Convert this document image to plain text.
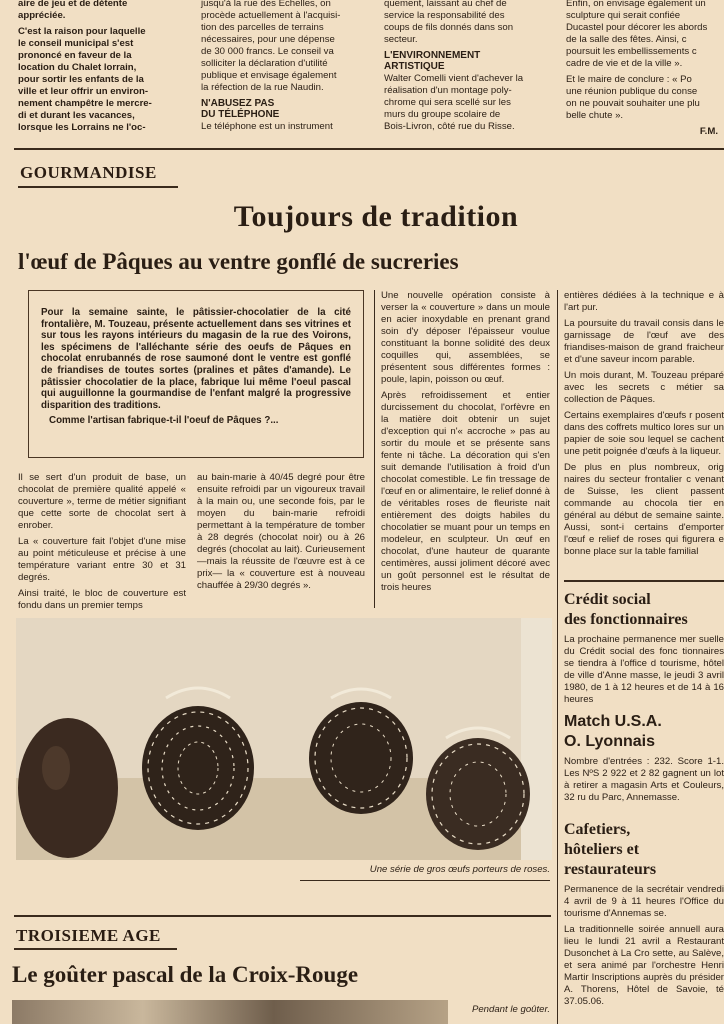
aire de jeu et de détente
appréciée.

C'est la raison pour laquelle
le conseil municipal s'est
prononcé en faveur de la
location du Chalet lorrain,
pour sortir les enfants de la
ville et leur offrir un environ-
nement champêtre le mercre-
di et durant les vacances,
lorsque les Lorrains ne l'oc-

jusqu'à la rue des Echelles, on
procède actuellement à l'acquisi-
tion des parcelles de terrains
nécessaires, pour une dépense
de 30 000 francs. Le conseil va
solliciter la déclaration d'utilité
publique et envisage également
la réfection de la rue Naudin.

N'ABUSEZ PAS
DU TÉLÉPHONE

Le téléphone est un instrument

quement, laissant au chef de
service la responsabilité des
coups de fils donnés dans son
secteur.

L'ENVIRONNEMENT
ARTISTIQUE

Walter Comelli vient d'achever la
réalisation d'un montage poly-
chrome qui sera scellé sur les
murs du groupe scolaire de
Bois-Livron, côté rue du Risse.

Enfin, on envisage également un
sculpture qui serait confiée
Ducastel pour décorer les abords
de la salle des fêtes. Ainsi, c
poursuit les embellissements c
cadre de vie et de la ville ».

Et le maire de conclure : « Po
une réunion publique du conse
on ne pouvait souhaiter une plu
belle chute ».

F.M.

GOURMANDISE
Toujours de tradition
l'œuf de Pâques au ventre gonflé de sucreries

Pour la semaine sainte, le pâtissier-chocolatier de la cité frontalière, M. Touzeau, présente actuellement dans ses vitrines et sur tous les rayons intérieurs du magasin de la rue des Voirons, les spécimens de l'alléchante série des oeufs de Pâques en chocolat enrubannés de rose saumoné dont le ventre est gonflé de friandises de toutes sortes (pralines et pâtes d'amande). Le pâtissier chocolatier de la place, fabrique lui même l'oeul pascal qui auguillonne la gourmandise de l'enfant malgré la progressive disparition des traditions.

Comme l'artisan fabrique-t-il l'oeuf de Pâques ?...

Il se sert d'un produit de base, un chocolat de première qualité appelé « couverture », terme de métier signifiant que cette sorte de chocolat sert à enrober.

La « couverture fait l'objet d'une mise au point méticuleuse et précise à une température variant entre 30 et 31 degrés.

Ainsi traité, le bloc de couverture est fondu dans un premier temps

au bain-marie à 40/45 degré pour être ensuite refroidi par un vigoureux travail à la main ou, une seconde fois, par le moyen du bain-marie refroidi permettant à la température de tomber à 28 degrés (chocolat noir) ou à 26 degrés (chocolat au lait). Curieusement —mais la réussite de l'œuvre est à ce prix— la « couverture est à nouveau chauffée à 29/30 degrés ».

Une nouvelle opération consiste à verser la « couverture » dans un moule en acier inoxydable en prenant grand soin d'y déposer l'épaisseur voulue constituant la bonne solidité des deux coquilles qui, assemblées, se présentent sous différentes formes : poule, lapin, poisson ou œuf.

Après refroidissement et entier durcissement du chocolat, l'orfèvre en la matière doit obtenir un sujet d'exception qui n'« accroche » pas au sortir du moule et se présente sans fente ni tâche. La décoration qui s'en suit demande l'utilisation à froid d'un chocolat comestible. Le fin tressage de l'œuf en or alimentaire, le relief donné à de véritables roses de fleuriste nait entièrement des doigts habiles du chocolatier se muant pour un temps en modeleur, en sculpteur. Un œuf en chocolat, d'une hauteur de quarante centimères, aussi joliment décoré avec un goût personnel est le résultat de trois heures

entières dédiées à la technique e à l'art pur.

La poursuite du travail consis dans le garnissage de l'œuf ave des friandises-maison de grand fraicheur et d'une saveur incom parable.

Un mois durant, M. Touzeau préparé avec les secrets c métier sa collection de Pâques.

Certains exemplaires d'œufs r posent dans des coffrets multico lores sur un papier de soie sou lequel se cachent une petit poignée d'œufs à la liqueur.

De plus en plus nombreux, orig naires du secteur frontalier c venant de Suisse, les client passent commande au chocola tier en général au début de semaine sainte. Aussi, sont-i certains d'emporter l'œuf e relief de roses qui figurera e bonne place sur la table familial

Une série de gros œufs porteurs de roses.
Crédit social
des fonctionnaires

La prochaine permanence mer suelle du Crédit social des fonc tionnaires se tiendra à l'office d tourisme, hôtel de ville d'Anne masse, le jeudi 3 avril 1980, de 1 à 12 heures et de 14 à 16 heures

Match U.S.A.
O. Lyonnais

Nombre d'entrées : 232. Score 1-1. Les NºS 2 922 et 2 82 gagnent un lot à retirer a magasin Arts et Couleurs, 32 ru du Parc, Annemasse.

Cafetiers,
hôteliers et
restaurateurs

Permanence de la secrétair vendredi 4 avril de 9 à 11 heures l'Office du tourisme d'Annemas se.

La traditionnelle soirée annuell aura lieu le lundi 21 avril a Restaurant Dusonchet à La Cro sette, au Salève, et sera animé par l'orchestre Henri Martir Inscriptions auprès du présider A. Thorens, Hôtel de Savoie, té 37.05.06.

TROISIEME AGE
Le goûter pascal de la Croix-Rouge
Pendant le goûter.
